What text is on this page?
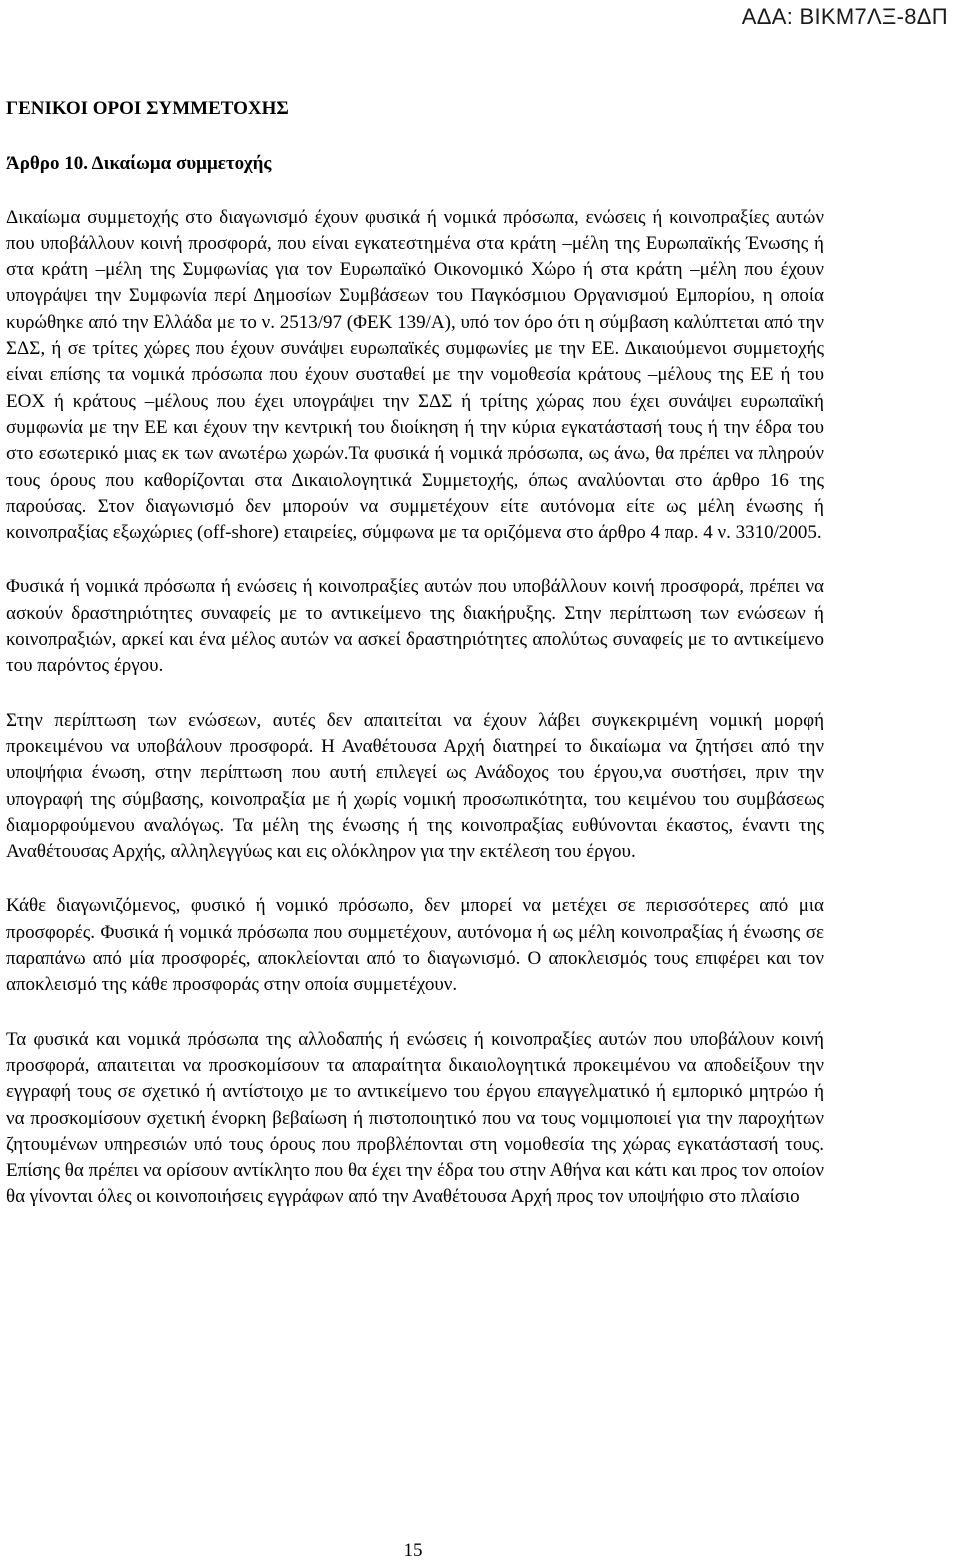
ΑΔΑ: ΒΙΚΜ7ΛΞ-8ΔΠ

ΓΕΝΙΚΟΙ ΟΡΟΙ ΣΥΜΜΕΤΟΧΗΣ

Άρθρο 10. Δικαίωμα συμμετοχής

Δικαίωμα συμμετοχής στο διαγωνισμό έχουν φυσικά ή νομικά πρόσωπα, ενώσεις ή κοινοπραξίες αυτών που υποβάλλουν κοινή προσφορά, που είναι εγκατεστημένα στα κράτη –μέλη της Ευρωπαϊκής Ένωσης ή στα κράτη –μέλη της Συμφωνίας για τον Ευρωπαϊκό Οικονομικό Χώρο ή στα κράτη –μέλη που έχουν υπογράψει την Συμφωνία περί Δημοσίων Συμβάσεων του Παγκόσμιου Οργανισμού Εμπορίου, η οποία κυρώθηκε από την Ελλάδα με το ν. 2513/97 (ΦΕΚ 139/Α), υπό τον όρο ότι η σύμβαση καλύπτεται από την ΣΔΣ, ή σε τρίτες χώρες που έχουν συνάψει ευρωπαϊκές συμφωνίες με την ΕΕ. Δικαιούμενοι συμμετοχής είναι επίσης τα νομικά πρόσωπα που έχουν συσταθεί με την νομοθεσία κράτους –μέλους της ΕΕ ή του ΕΟΧ ή κράτους –μέλους που έχει υπογράψει την ΣΔΣ ή τρίτης χώρας που έχει συνάψει ευρωπαϊκή συμφωνία με την ΕΕ και έχουν την κεντρική του διοίκηση ή την κύρια εγκατάστασή τους ή την έδρα του στο εσωτερικό μιας εκ των ανωτέρω χωρών.Τα φυσικά ή νομικά πρόσωπα, ως άνω, θα πρέπει να πληρούν τους όρους που καθορίζονται στα Δικαιολογητικά Συμμετοχής, όπως αναλύονται στο άρθρο 16 της παρούσας. Στον διαγωνισμό δεν μπορούν να συμμετέχουν είτε αυτόνομα είτε ως μέλη ένωσης ή κοινοπραξίας εξωχώριες (off-shore) εταιρείες, σύμφωνα με τα οριζόμενα στο άρθρο 4 παρ. 4 ν. 3310/2005.

Φυσικά ή νομικά πρόσωπα ή ενώσεις ή κοινοπραξίες αυτών που υποβάλλουν κοινή προσφορά, πρέπει να ασκούν δραστηριότητες συναφείς με το αντικείμενο της διακήρυξης. Στην περίπτωση των ενώσεων ή κοινοπραξιών, αρκεί και ένα μέλος αυτών να ασκεί δραστηριότητες απολύτως συναφείς με το αντικείμενο του παρόντος έργου.

Στην περίπτωση των ενώσεων, αυτές δεν απαιτείται να έχουν λάβει συγκεκριμένη νομική μορφή προκειμένου να υποβάλουν προσφορά. Η Αναθέτουσα Αρχή διατηρεί το δικαίωμα να ζητήσει από την υποψήφια ένωση, στην περίπτωση που αυτή επιλεγεί ως Ανάδοχος του έργου,να συστήσει, πριν την υπογραφή της σύμβασης, κοινοπραξία με ή χωρίς νομική προσωπικότητα, του κειμένου του συμβάσεως διαμορφούμενου αναλόγως. Τα μέλη της ένωσης ή της κοινοπραξίας ευθύνονται έκαστος, έναντι της Αναθέτουσας Αρχής, αλληλεγγύως και εις ολόκληρον για την εκτέλεση του έργου.

Κάθε διαγωνιζόμενος, φυσικό ή νομικό πρόσωπο, δεν μπορεί να μετέχει σε περισσότερες από μια προσφορές. Φυσικά ή νομικά πρόσωπα που συμμετέχουν, αυτόνομα ή ως μέλη κοινοπραξίας ή ένωσης σε παραπάνω από μία προσφορές, αποκλείονται από το διαγωνισμό. Ο αποκλεισμός τους επιφέρει και τον αποκλεισμό της κάθε προσφοράς στην οποία συμμετέχουν.

Τα φυσικά και νομικά πρόσωπα της αλλοδαπής ή ενώσεις ή κοινοπραξίες αυτών που υποβάλουν κοινή προσφορά, απαιτειται να προσκομίσουν τα απαραίτητα δικαιολογητικά προκειμένου να αποδείξουν την εγγραφή τους σε σχετικό ή αντίστοιχο με το αντικείμενο του έργου επαγγελματικό ή εμπορικό μητρώο ή να προσκομίσουν σχετική ένορκη βεβαίωση ή πιστοποιητικό που να τους νομιμοποιεί για την παροχήτων ζητουμένων υπηρεσιών υπό τους όρους που προβλέπονται στη νομοθεσία της χώρας εγκατάστασή τους. Επίσης θα πρέπει να ορίσουν αντίκλητο που θα έχει την έδρα του στην Αθήνα και κάτι και προς τον οποίον θα γίνονται όλες οι κοινοποιήσεις εγγράφων από την Αναθέτουσα Αρχή προς τον υποψήφιο στο πλαίσιο

15
